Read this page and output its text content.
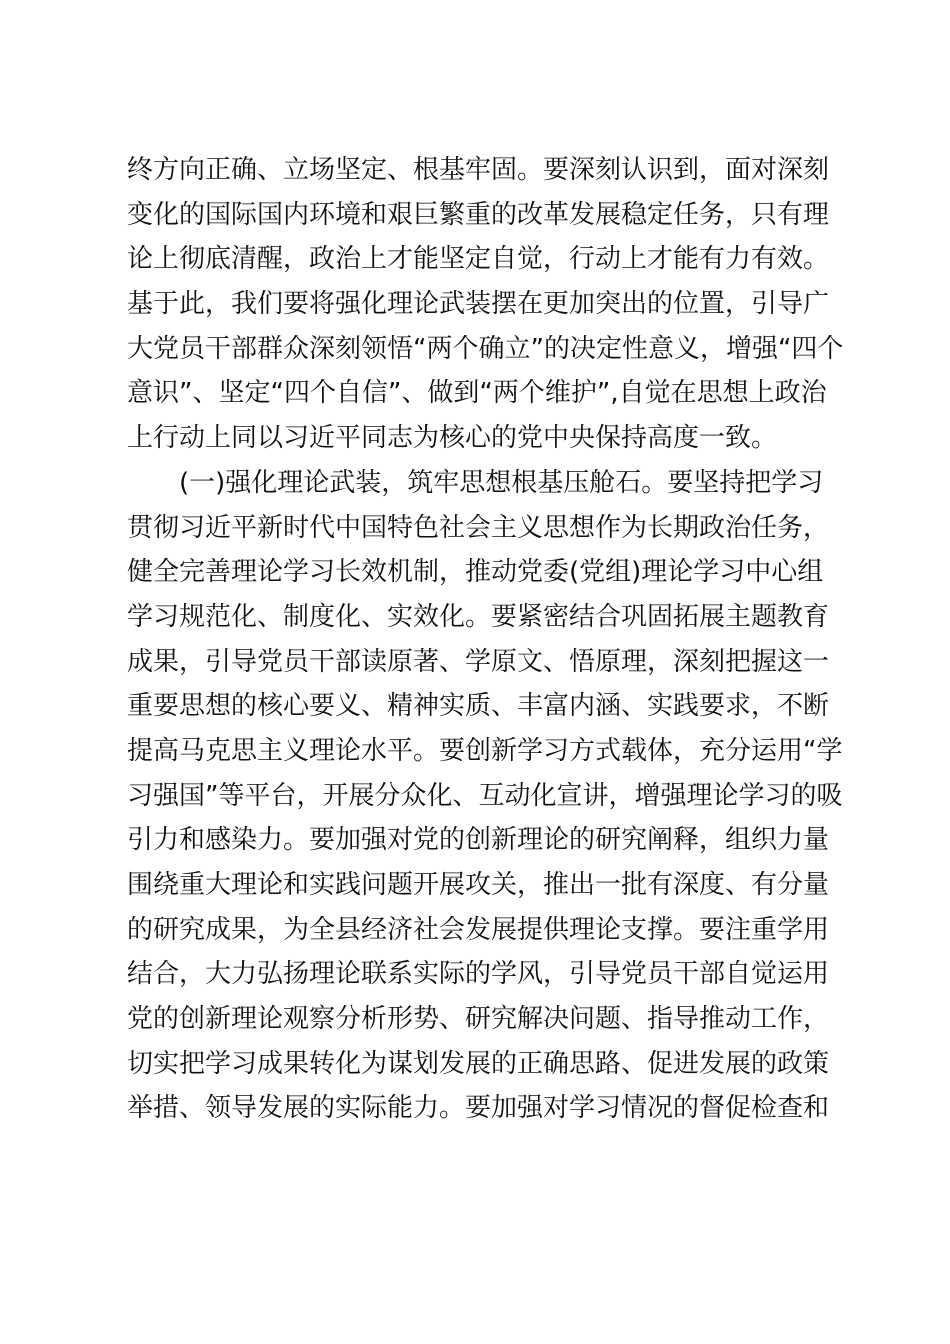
终方向正确、立场坚定、根基牢固。要深刻认识到，面对深刻
变化的国际国内环境和艰巨繁重的改革发展稳定任务，只有理
论上彻底清醒，政治上才能坚定自觉，行动上才能有力有效。
基于此，我们要将强化理论武装摆在更加突出的位置，引导广
大党员干部群众深刻领悟“两个确立”的决定性意义，增强“四个
意识”、坚定“四个自信”、做到“两个维护”,自觉在思想上政治
上行动上同以习近平同志为核心的党中央保持高度一致。
(一)强化理论武装，筑牢思想根基压舱石。要坚持把学习
贯彻习近平新时代中国特色社会主义思想作为长期政治任务，
健全完善理论学习长效机制，推动党委(党组)理论学习中心组
学习规范化、制度化、实效化。要紧密结合巩固拓展主题教育
成果，引导党员干部读原著、学原文、悟原理，深刻把握这一
重要思想的核心要义、精神实质、丰富内涵、实践要求，不断
提高马克思主义理论水平。要创新学习方式载体，充分运用“学
习强国”等平台，开展分众化、互动化宣讲，增强理论学习的吸
引力和感染力。要加强对党的创新理论的研究阐释，组织力量
围绕重大理论和实践问题开展攻关，推出一批有深度、有分量
的研究成果，为全县经济社会发展提供理论支撑。要注重学用
结合，大力弘扬理论联系实际的学风，引导党员干部自觉运用
党的创新理论观察分析形势、研究解决问题、指导推动工作，
切实把学习成果转化为谋划发展的正确思路、促进发展的政策
举措、领导发展的实际能力。要加强对学习情况的督促检查和
